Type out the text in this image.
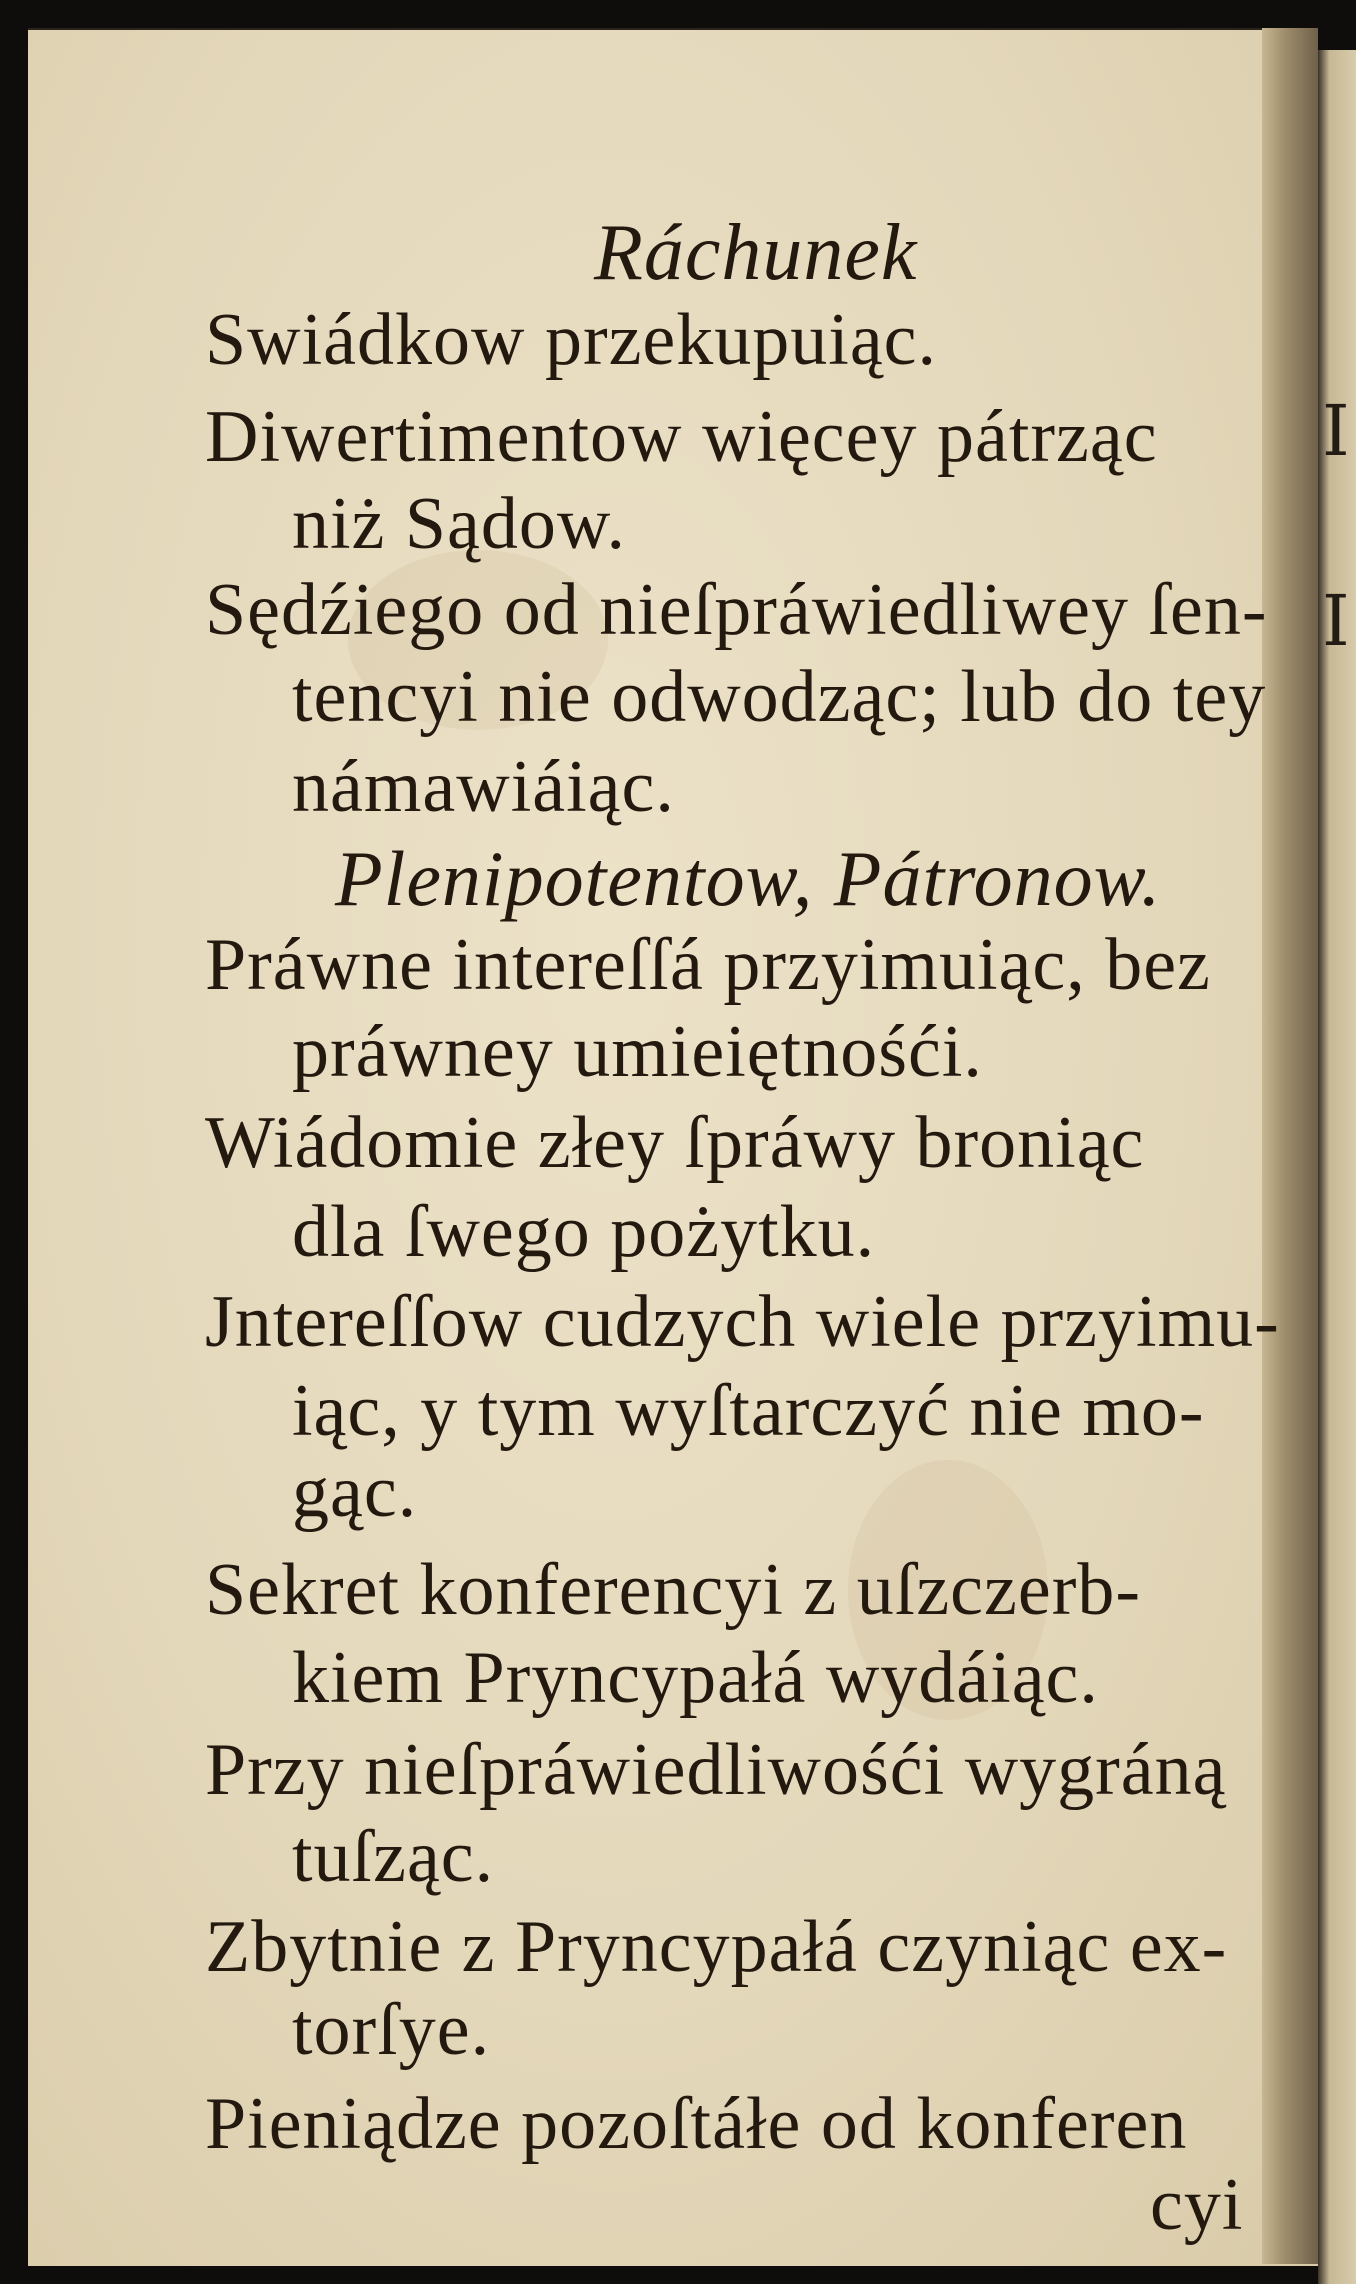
I
I
Ráchunek
Swiádkow przekupuiąc.
Diwertimentow więcey pátrząc
niż Sądow.
Sędźiego od nieſpráwiedliwey ſen-
tencyi nie odwodząc; lub do tey
námawiáiąc.
Plenipotentow, Pátronow.
Práwne intereſſá przyimuiąc, bez
práwney umieiętnośći.
Wiádomie złey ſpráwy broniąc
dla ſwego pożytku.
Jntereſſow cudzych wiele przyimu-
iąc, y tym wyſtarczyć nie mo-
gąc.
Sekret konferencyi z uſzczerb-
kiem Pryncypałá wydáiąc.
Przy nieſpráwiedliwośći wygráną
tuſząc.
Zbytnie z Pryncypałá czyniąc ex-
torſye.
Pieniądze pozoſtáłe od konferen
cyi
